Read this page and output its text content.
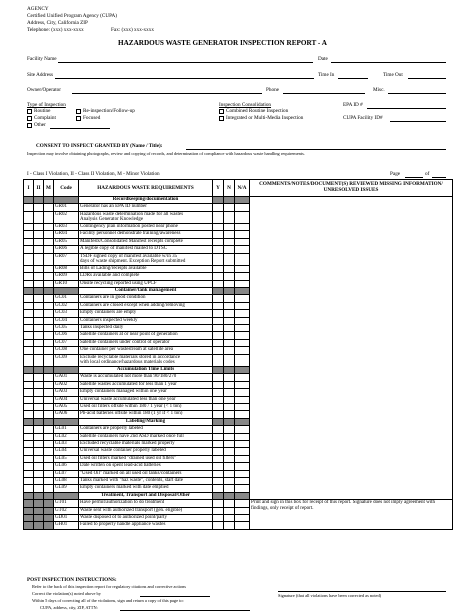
AGENCY
Certified Unified Program Agency (CUPA)
Address, City, California ZIP
Telephone: (xxx) xxx-xxxx	Fax: (xxx) xxx-xxxx
HAZARDOUS WASTE GENERATOR INSPECTION REPORT - A
Facility Name	Date
Site Address	Time In	Time Out
Owner/Operator	Phone	Misc.
Type of Inspection
Routine
Complaint
Other
Re-inspection/Follow-up
Focused
Inspection Consolidation
Combined Routine Inspection
Integrated or Multi-Media Inspection
EPA ID #
CUPA Facility ID#
CONSENT TO INSPECT GRANTED BY (Name / Title):
Inspection may involve obtaining photographs, review and copying of records, and determination of compliance with hazardous waste handling requirements.
I - Class I Violation, II - Class II Violation, M - Minor Violation	Page	of
I	II	M	Code	HAZARDOUS WASTE REQUIREMENTS	Y	N	N/A	COMMENTS/NOTES/DOCUMENT(S) REVIEWED MISSING INFORMATION/ UNRESOLVED ISSUES
				Recordkeeping/documentation				
			GR01	Generator has an EPA ID number				
			GR02	Hazardous waste determination made for all wastes
Analysis Generator Knowledge				
			GR03	Contingency plan information posted near phone				
			GR04	Facility personnel demonstrate training/awareness				
			GR05	Manifests/Consolidated Manifest receipts complete				
			GR06	A legible copy of manifest mailed to DTSC				
			GR07	TSDF signed copy of manifest available w/in 35
days of waste shipment. Exception Report submitted				
			GR08	Bills of Lading/receipts available				
			GR09	LDRs available and complete				
			GR10	Onsite recycling reported using UPCF				
				Container/tank management				
			GC01	Containers are in good condition				
			GC02	Containers are closed except when adding/removing				
			GC03	Empty containers are empty				
			GC04	Containers inspected weekly				
			GC05	Tanks inspected daily				
			GC06	Satellite containers at or near point of generation				
			GC07	Satellite containers under control of operator				
			GC08	One container per wastestream at satellite area				
			GC09	Exclude recyclable materials stored in accordance
with local ordinance/hazardous materials codes				
				Accumulation Time Limits				
			GA01	Waste is accumulated not more than 90/180/270				
			GA02	Satellite wastes accumulated for less than 1 year				
			GA03	Empty containers managed within one year				
			GA04	Universal waste accumulated less than one year				
			GA05	Used oil filters offsite within 180 / 1 year (< 1 ton)				
			GA06	Pb-acid batteries offsite within 180 (1 yr if < 1 ton)				
				Labeling/Marking				
			GL01	Containers are properly labeled				
			GL02	Satellite containers have 2nd ASD marked once full				
			GL03	Excluded recyclable materials marked properly				
			GL04	Universal waste container properly labeled				
			GL05	Used oil filters marked "drained used oil filters"				
			GL06	Date written on spent lead-acid batteries				
			GL07	"Used Oil" marked on all used oil tanks/containers				
			GL08	Tanks marked with "haz waste", contents, start date				
			GL09	Empty containers marked with date emptied				
				Treatment, Transport and Disposal/Other				
			GT01	Have permit/authorization to do treatment				Print and sign in this box for receipt of this report. Signature does not imply agreement with findings, only receipt of report.
			GT02	Waste sent with authorized transport (gen. eligible)				
			GD01	Waste disposed of to authorized point/party				
			GH01	Failed to properly handle appliance wastes				
POST INSPECTION INSTRUCTIONS:
Refer to the back of this inspection report for regulatory citations and corrective actions
Correct the violation(s) noted above by
Within 5 days of correcting all of the violations, sign and return a copy of this page to:
CUPA, address, city, ZIP, ATTN:
Signature (that all violations have been corrected as noted)
